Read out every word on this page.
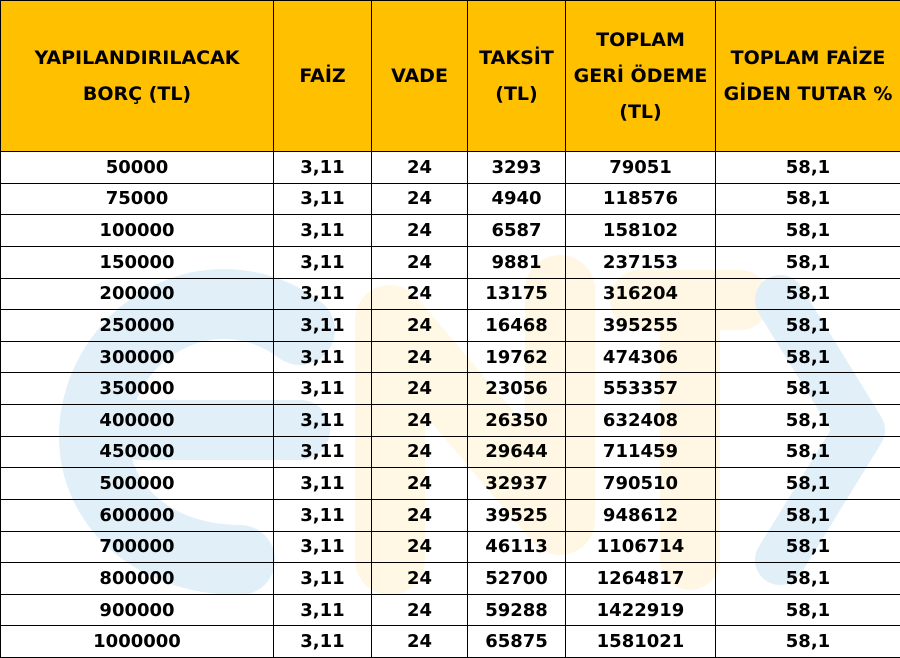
YAPILANDIRILACAK BORÇ (TL)	FAİZ	VADE	TAKSİT (TL)	TOPLAM GERİ ÖDEME (TL)	TOPLAM FAİZE GİDEN TUTAR %
50000	3,11	24	3293	79051	58,1
75000	3,11	24	4940	118576	58,1
100000	3,11	24	6587	158102	58,1
150000	3,11	24	9881	237153	58,1
200000	3,11	24	13175	316204	58,1
250000	3,11	24	16468	395255	58,1
300000	3,11	24	19762	474306	58,1
350000	3,11	24	23056	553357	58,1
400000	3,11	24	26350	632408	58,1
450000	3,11	24	29644	711459	58,1
500000	3,11	24	32937	790510	58,1
600000	3,11	24	39525	948612	58,1
700000	3,11	24	46113	1106714	58,1
800000	3,11	24	52700	1264817	58,1
900000	3,11	24	59288	1422919	58,1
1000000	3,11	24	65875	1581021	58,1
